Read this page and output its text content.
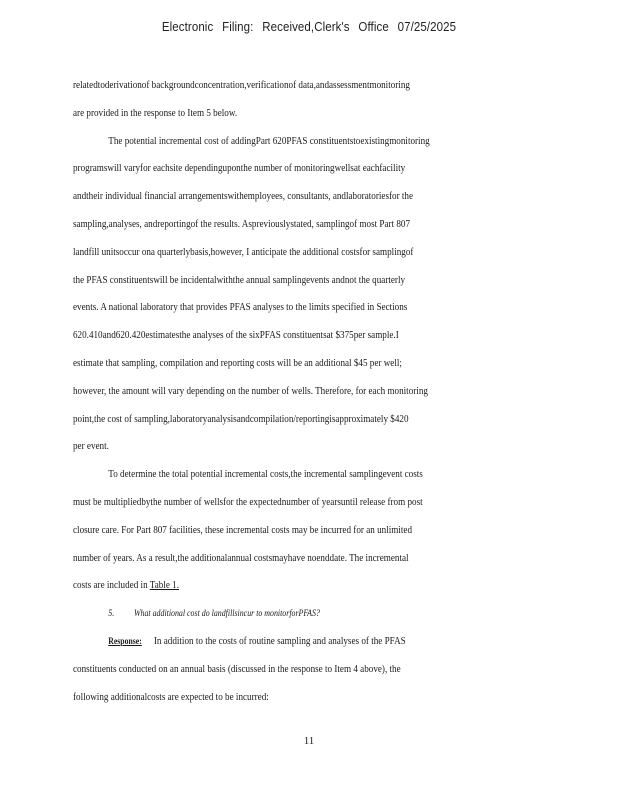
Electronic Filing: Received,Clerk's Office 07/25/2025
relatedtoderivationof backgroundconcentration,verificationof data,andassessmentmonitoring
are provided in the response to Item 5 below.
The potential incremental cost of addingPart 620PFAS constituentstoexistingmonitoring
programswill varyfor eachsite dependinguponthe number of monitoringwellsat eachfacility
andtheir individual financial arrangementswithemployees, consultants, andlaboratoriesfor the
sampling,analyses, andreportingof the results. Aspreviouslystated, samplingof most Part 807
landfill unitsoccur ona quarterlybasis,however, I anticipate the additional costsfor samplingof
the PFAS constituentswill be incidentalwiththe annual samplingevents andnot the quarterly
events. A national laboratory that provides PFAS analyses to the limits specified in Sections
620.410and620.420estimatesthe analyses of the sixPFAS constituentsat $375per sample.I
estimate that sampling, compilation and reporting costs will be an additional $45 per well;
however, the amount will vary depending on the number of wells. Therefore, for each monitoring
point,the cost of sampling,laboratoryanalysisandcompilation/reportingisapproximately $420
per event.
To determine the total potential incremental costs,the incremental samplingevent costs
must be multipliedbythe number of wellsfor the expectednumber of yearsuntil release from post
closure care. For Part 807 facilities, these incremental costs may be incurred for an unlimited
number of years. As a result,the additionalannual costsmayhave noenddate. The incremental
costs are included in Table 1.
5. What additional cost do landfillsincur to monitorforPFAS?
Response: In addition to the costs of routine sampling and analyses of the PFAS
constituents conducted on an annual basis (discussed in the response to Item 4 above), the
following additionalcosts are expected to be incurred:
11
